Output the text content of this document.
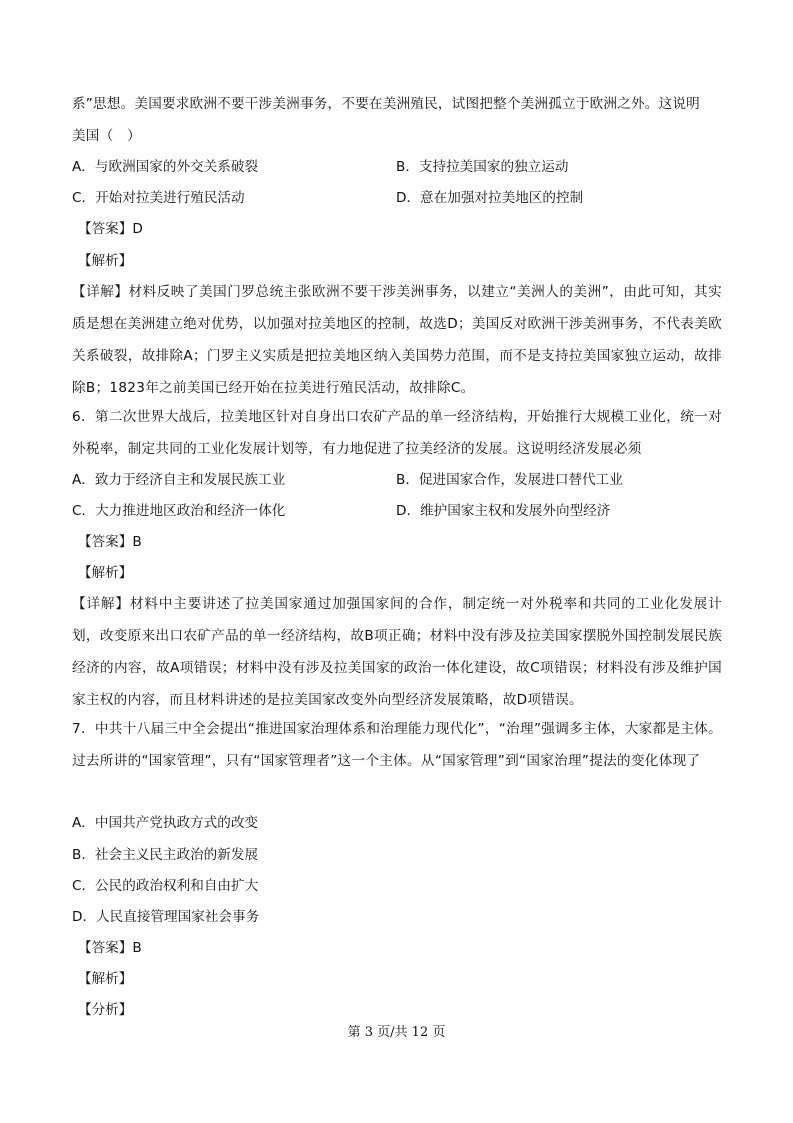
系”思想。美国要求欧洲不要干涉美洲事务，不要在美洲殖民，试图把整个美洲孤立于欧洲之外。这说明
美国（　）
A．与欧洲国家的外交关系破裂	B．支持拉美国家的独立运动
C．开始对拉美进行殖民活动	D．意在加强对拉美地区的控制
【答案】D
【解析】
【详解】材料反映了美国门罗总统主张欧洲不要干涉美洲事务，以建立“美洲人的美洲”，由此可知，其实质是想在美洲建立绝对优势，以加强对拉美地区的控制，故选D；美国反对欧洲干涉美洲事务，不代表美欧关系破裂，故排除A；门罗主义实质是把拉美地区纳入美国势力范围，而不是支持拉美国家独立运动，故排除B；1823年之前美国已经开始在拉美进行殖民活动，故排除C。
6．第二次世界大战后，拉美地区针对自身出口农矿产品的单一经济结构，开始推行大规模工业化，统一对外税率，制定共同的工业化发展计划等，有力地促进了拉美经济的发展。这说明经济发展必须
A．致力于经济自主和发展民族工业	B．促进国家合作，发展进口替代工业
C．大力推进地区政治和经济一体化	D．维护国家主权和发展外向型经济
【答案】B
【解析】
【详解】材料中主要讲述了拉美国家通过加强国家间的合作，制定统一对外税率和共同的工业化发展计划，改变原来出口农矿产品的单一经济结构，故B项正确；材料中没有涉及拉美国家摆脱外国控制发展民族经济的内容，故A项错误；材料中没有涉及拉美国家的政治一体化建设，故C项错误；材料没有涉及维护国家主权的内容，而且材料讲述的是拉美国家改变外向型经济发展策略，故D项错误。
7．中共十八届三中全会提出“推进国家治理体系和治理能力现代化”，“治理”强调多主体，大家都是主体。过去所讲的“国家管理”，只有“国家管理者”这一个主体。从“国家管理”到“国家治理”提法的变化体现了
A．中国共产党执政方式的改变
B．社会主义民主政治的新发展
C．公民的政治权利和自由扩大
D．人民直接管理国家社会事务
【答案】B
【解析】
【分析】
第 3 页/共 12 页
